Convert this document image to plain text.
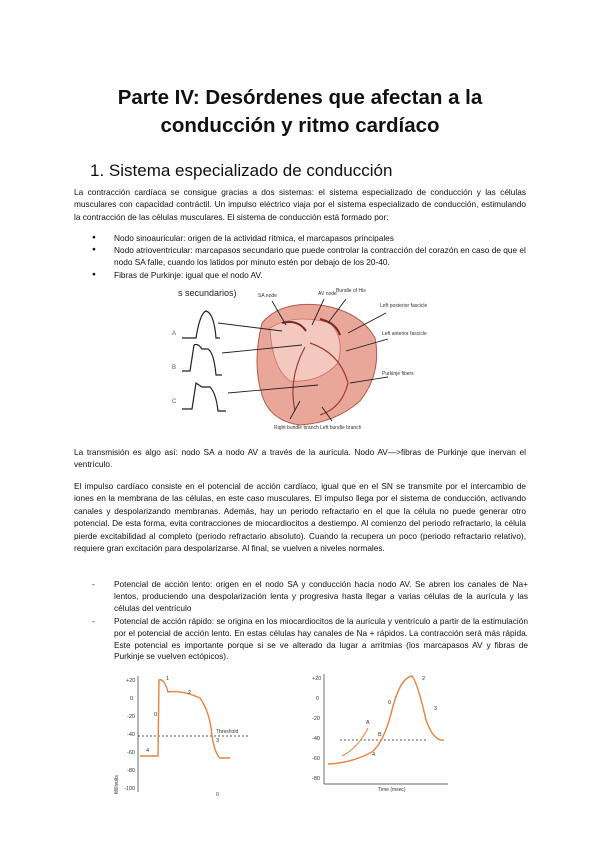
Parte IV: Desórdenes que afectan a la
conducción y ritmo cardíaco
1. Sistema especializado de conducción
La contracción cardíaca se consigue gracias a dos sistemas: el sistema especializado de conducción y las células musculares con capacidad contráctil. Un impulso eléctrico viaja por el sistema especializado de conducción, estimulando la contracción de las células musculares. El sistema de conducción está formado por:
● Nodo sinoauricular: origen de la actividad rítmica, el marcapasos principales
● Nodo atrioventricular: marcapasos secundario que puede controlar la contracción del corazón en caso de que el nodo SA falle, cuando los latidos por minuto estén por debajo de los 20-40.
● Fibras de Purkinje: igual que el nodo AV.
s secundarios)
A
B
C
SA node	AV node Bundle of His
Left posterior fascicle
Left anterior fascicle
Purkinje fibers
Right bundle branch Left bundle branch
La transmisión es algo así: nodo SA a nodo AV a través de la aurícula. Nodo AV—>fibras de Purkinje que inervan el ventrículo.
El impulso cardíaco consiste en el potencial de acción cardíaco, igual que en el SN se transmite por el intercambio de iones en la membrana de las células, en este caso musculares. El impulso llega por el sistema de conducción, activando canales y despolarizando membranas. Además, hay un periodo refractario en el que la célula no puede generar otro potencial. De esta forma, evita contracciones de miocardiocitos a destiempo. Al comienzo del periodo refractario, la célula pierde excitabilidad al completo (periodo refractario absoluto). Cuando la recupera un poco (periodo refractario relativo), requiere gran excitación para despolarizarse. Al final, se vuelven a niveles normales.
- Potencial de acción lento: origen en el nodo SA y conducción hacia nodo AV. Se abren los canales de Na+ lentos, produciendo una despolarización lenta y progresiva hasta llegar a varias células de la aurícula y las células del ventrículo
- Potencial de acción rápido: se origina en los miocardiocitos de la aurícula y ventrículo a partir de la estimulación por el potencial de acción lento. En estas células hay canales de Na + rápidos. La contracción será más rápida. Este potencial es importante porque si se ve alterado da lugar a arritmias (los marcapasos AV y fibras de Purkinje se vuelven ectópicos).
+20
0
-20
-40
-60
-80
-100
Threshold
1
2
0
3
4
Millivolts
0
+20
0
-20
-40
-60
-80
0
3
A
B
4
2
Time (msec)
